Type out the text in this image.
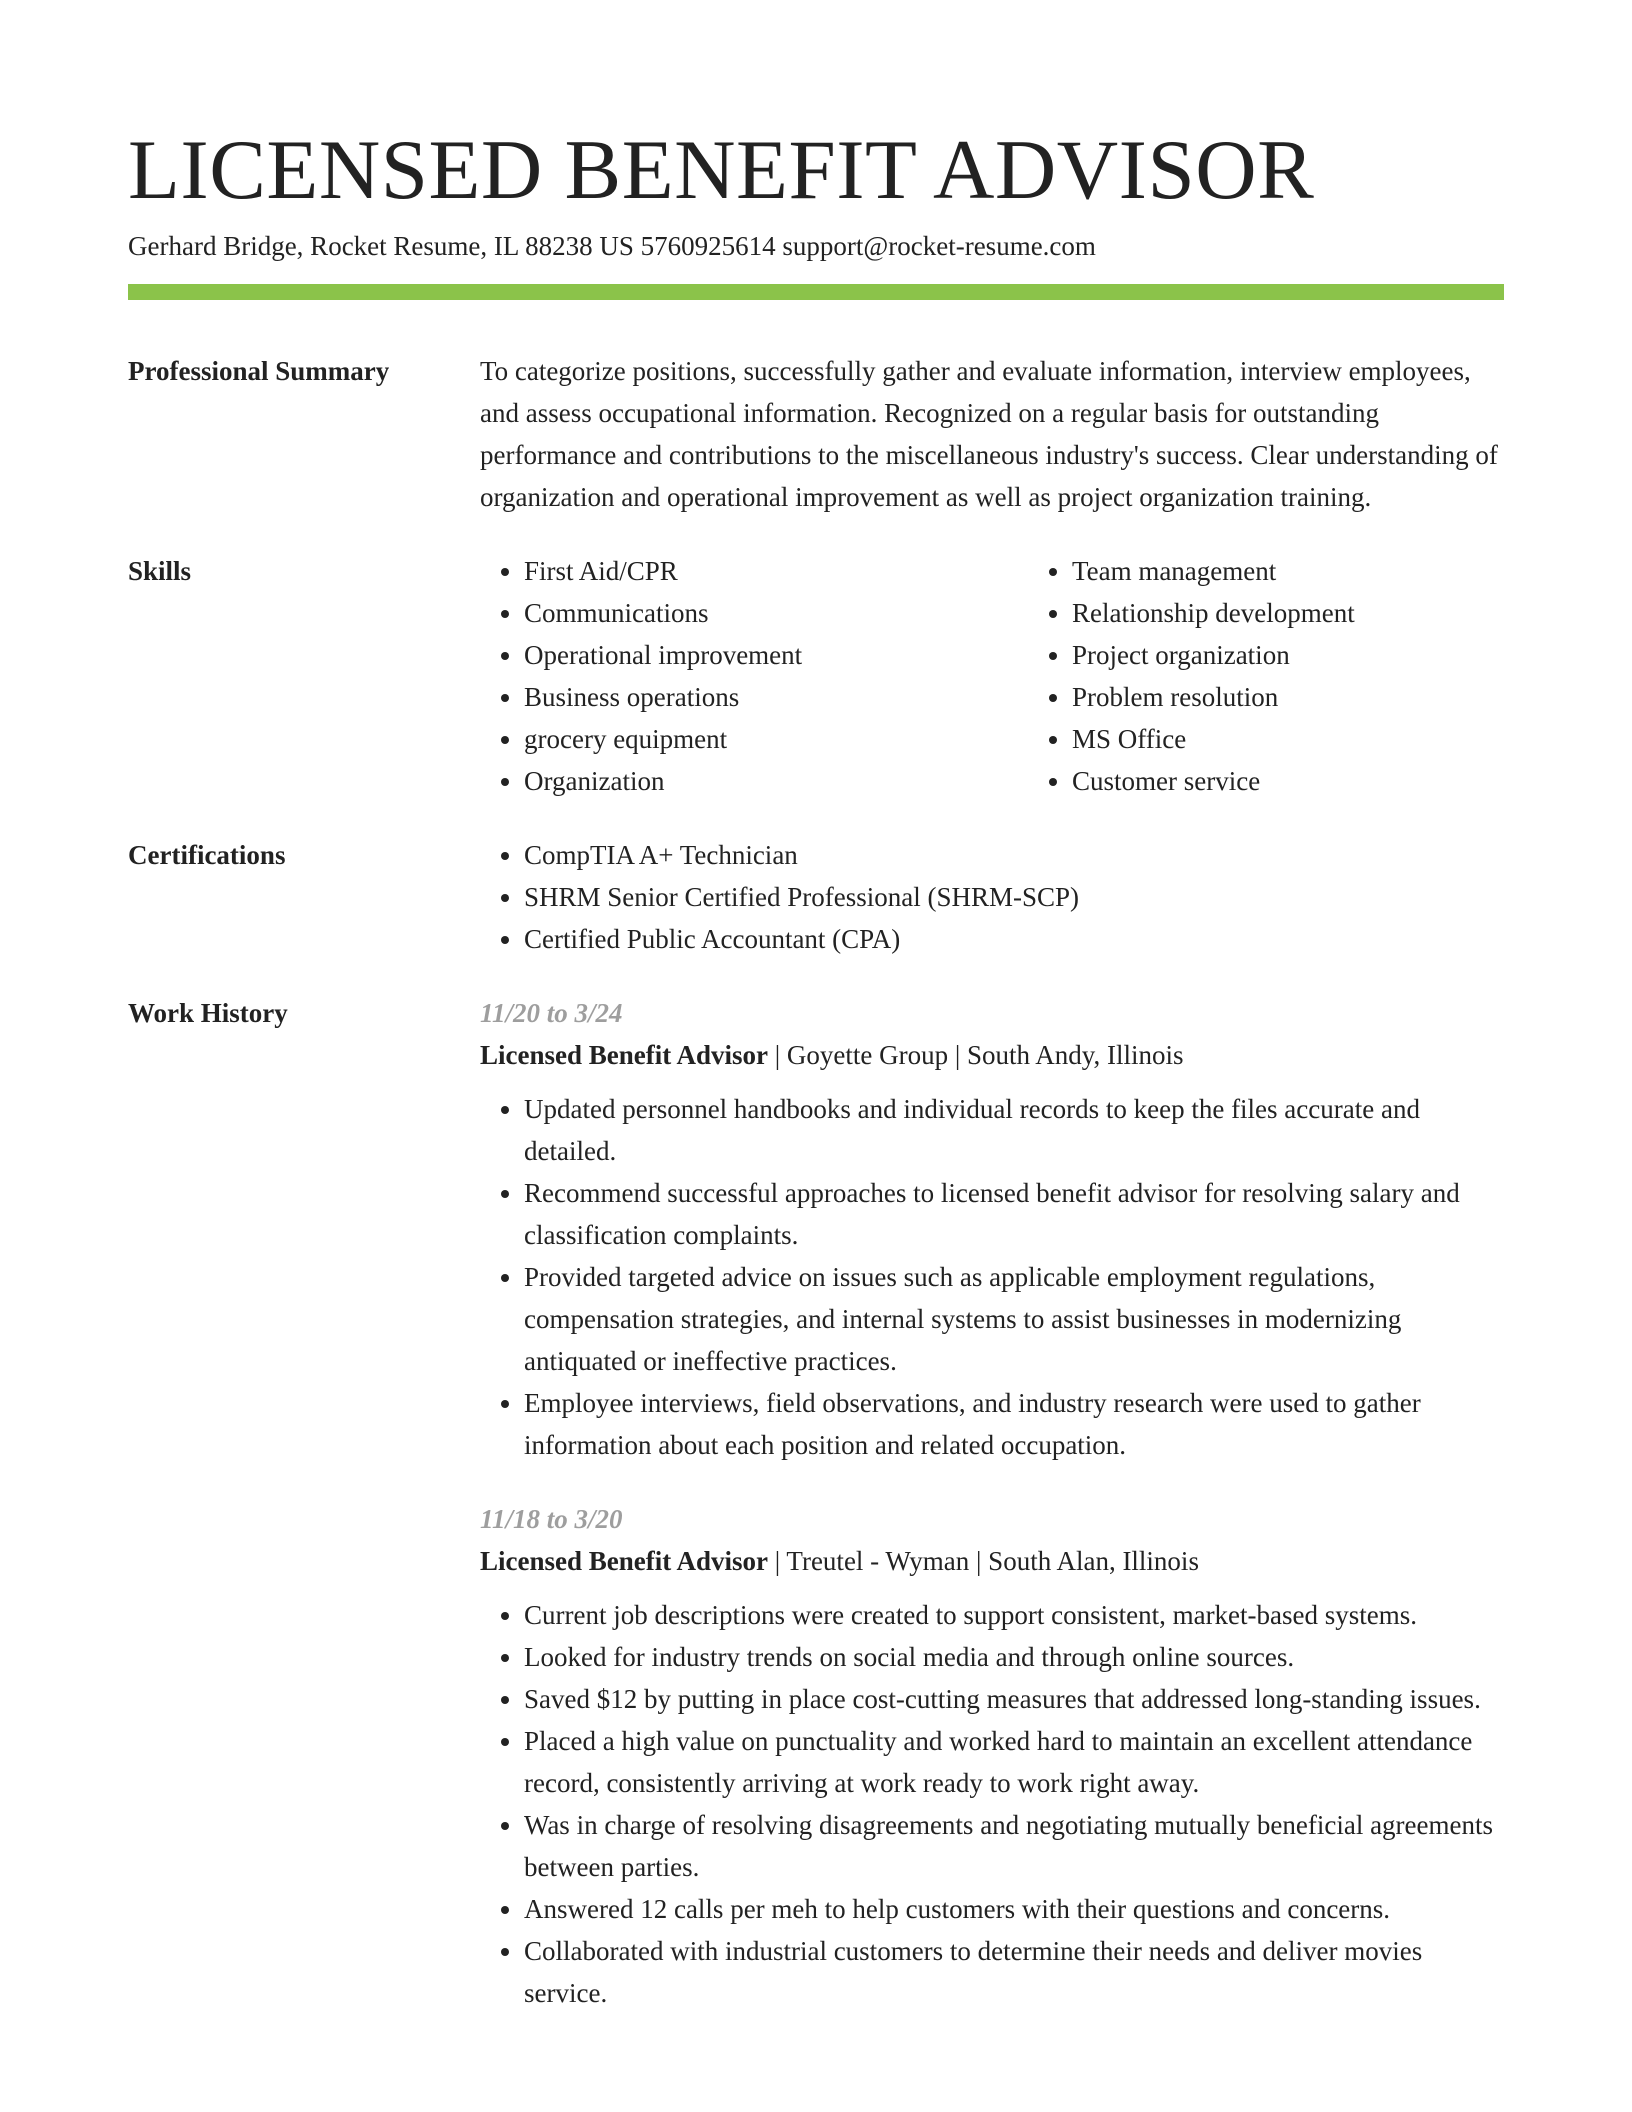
LICENSED BENEFIT ADVISOR
Gerhard Bridge, Rocket Resume, IL 88238 US 5760925614 support@rocket-resume.com
Professional Summary	To categorize positions, successfully gather and evaluate information, interview employees, and assess occupational information. Recognized on a regular basis for outstanding performance and contributions to the miscellaneous industry's success. Clear understanding of organization and operational improvement as well as project organization training.
Skills	• First Aid/CPR
• Communications
• Operational improvement
• Business operations
• grocery equipment
• Organization
• Team management
• Relationship development
• Project organization
• Problem resolution
• MS Office
• Customer service
Certifications	• CompTIA A+ Technician
• SHRM Senior Certified Professional (SHRM-SCP)
• Certified Public Accountant (CPA)
Work History	11/20 to 3/24
Licensed Benefit Advisor | Goyette Group | South Andy, Illinois
• Updated personnel handbooks and individual records to keep the files accurate and detailed.
• Recommend successful approaches to licensed benefit advisor for resolving salary and classification complaints.
• Provided targeted advice on issues such as applicable employment regulations, compensation strategies, and internal systems to assist businesses in modernizing antiquated or ineffective practices.
• Employee interviews, field observations, and industry research were used to gather information about each position and related occupation.
11/18 to 3/20
Licensed Benefit Advisor | Treutel - Wyman | South Alan, Illinois
• Current job descriptions were created to support consistent, market-based systems.
• Looked for industry trends on social media and through online sources.
• Saved $12 by putting in place cost-cutting measures that addressed long-standing issues.
• Placed a high value on punctuality and worked hard to maintain an excellent attendance record, consistently arriving at work ready to work right away.
• Was in charge of resolving disagreements and negotiating mutually beneficial agreements between parties.
• Answered 12 calls per meh to help customers with their questions and concerns.
• Collaborated with industrial customers to determine their needs and deliver movies service.
